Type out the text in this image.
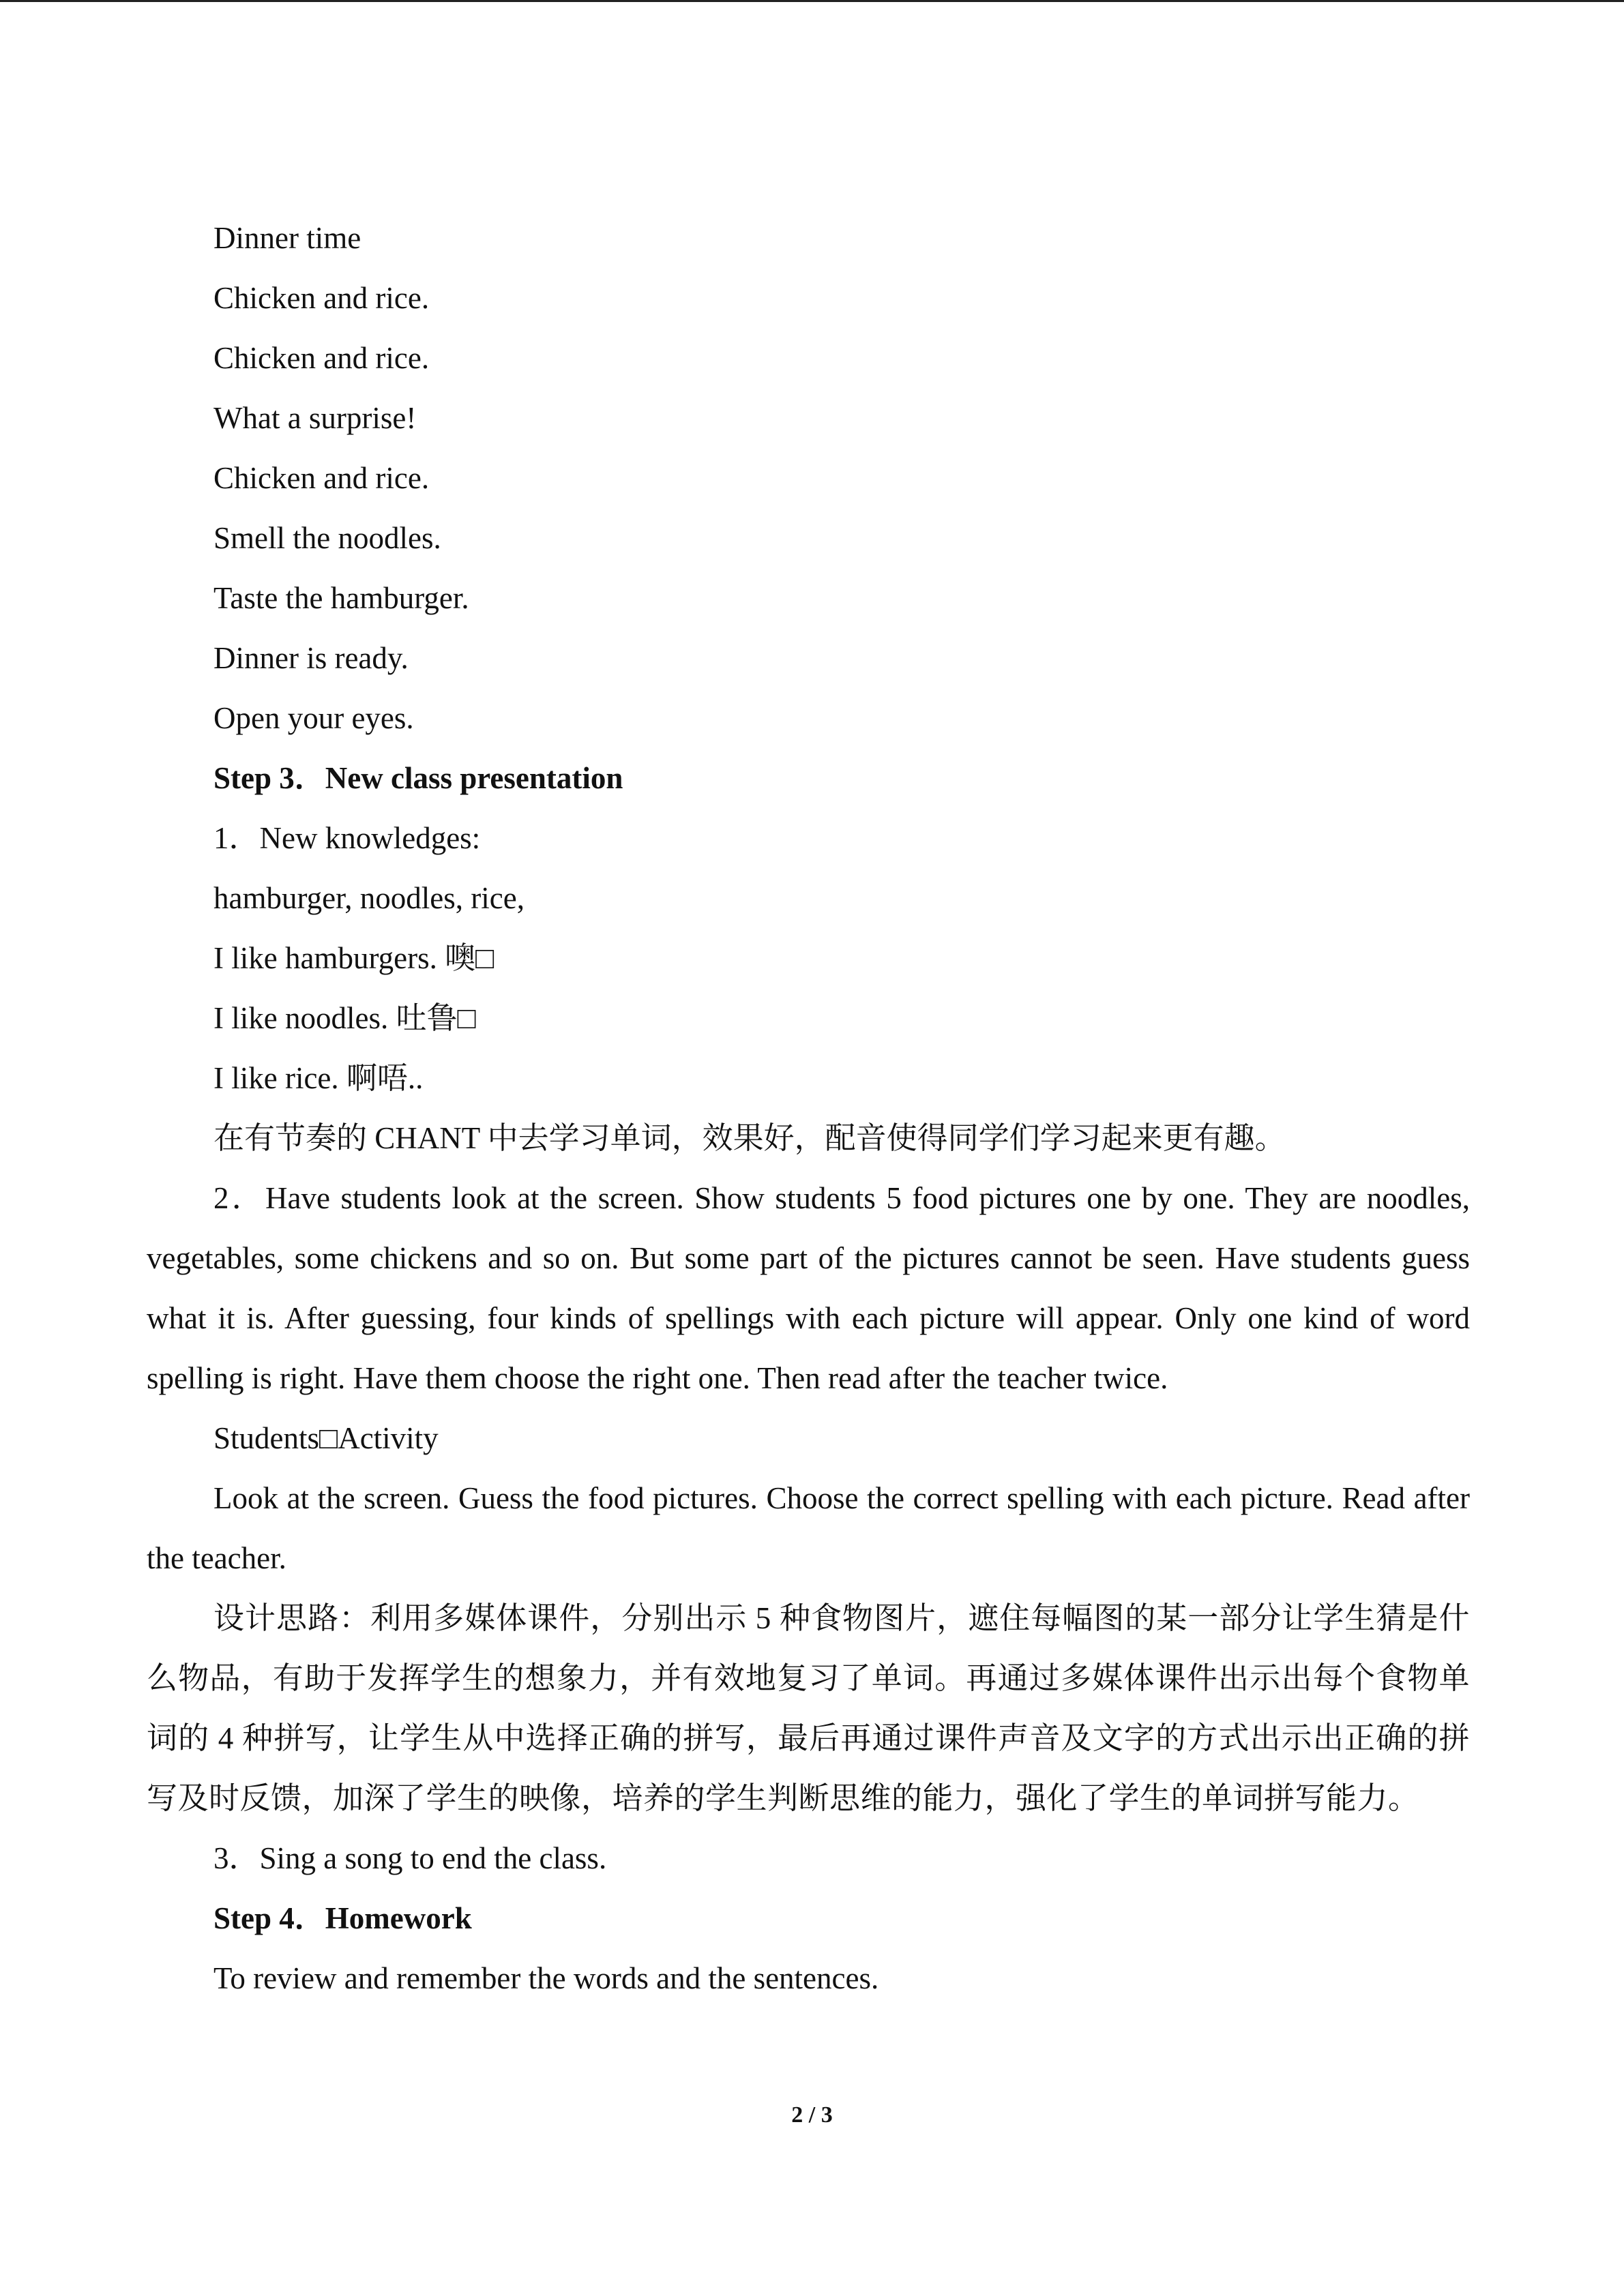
Dinner time

Chicken and rice.

Chicken and rice.

What a surprise!

Chicken and rice.

Smell the noodles.

Taste the hamburger.

Dinner is ready.

Open your eyes.

Step 3．New class presentation

1．New knowledges:

hamburger, noodles, rice,

I like hamburgers. 噢□

I like noodles. 吐鲁□

I like rice. 啊唔..

在有节奏的 CHANT 中去学习单词，效果好，配音使得同学们学习起来更有趣。

2．Have students look at the screen. Show students 5 food pictures one by one. They are noodles, vegetables, some chickens and so on. But some part of the pictures cannot be seen. Have students guess what it is. After guessing, four kinds of spellings with each picture will appear. Only one kind of word spelling is right. Have them choose the right one. Then read after the teacher twice.

Students□Activity

Look at the screen. Guess the food pictures. Choose the correct spelling with each picture. Read after the teacher.

设计思路：利用多媒体课件，分别出示 5 种食物图片，遮住每幅图的某一部分让学生猜是什么物品，有助于发挥学生的想象力，并有效地复习了单词。再通过多媒体课件出示出每个食物单词的 4 种拼写，让学生从中选择正确的拼写，最后再通过课件声音及文字的方式出示出正确的拼写及时反馈，加深了学生的映像，培养的学生判断思维的能力，强化了学生的单词拼写能力。

3．Sing a song to end the class.

Step 4．Homework

To review and remember the words and the sentences.

2 / 3
